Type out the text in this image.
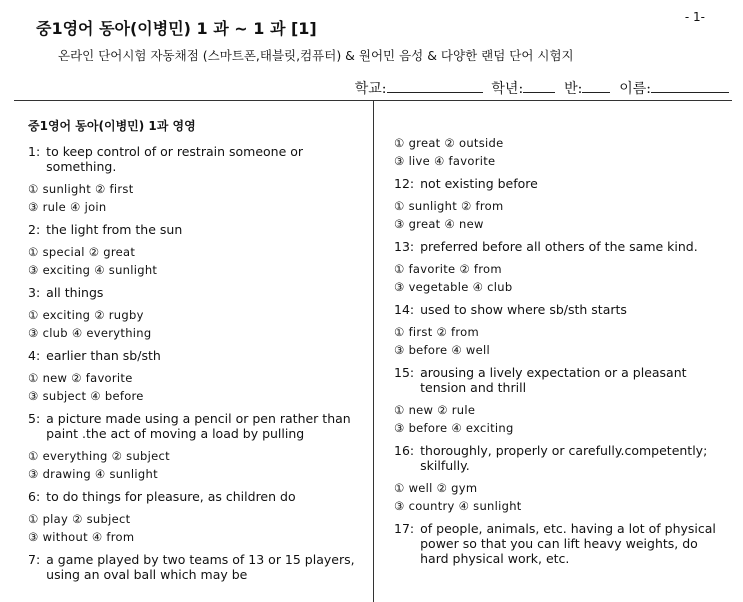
- 1-
중1영어 동아(이병민) 1 과 ~ 1 과 [1]
온라인 단어시험 자동채점 (스마트폰,태블릿,컴퓨터) & 원어민 음성 & 다양한 랜덤 단어 시험지
학교:	학년:	반:	이름:
중1영어 동아(이병민) 1과 영영
1: to keep control of or restrain someone or something.
① sunlight ② first
③ rule ④ join
2: the light from the sun
① special ② great
③ exciting ④ sunlight
3: all things
① exciting ② rugby
③ club ④ everything
4: earlier than sb/sth
① new ② favorite
③ subject ④ before
5: a picture made using a pencil or pen rather than paint .the act of moving a load by pulling
① everything ② subject
③ drawing ④ sunlight
6: to do things for pleasure, as children do
① play ② subject
③ without ④ from
7: a game played by two teams of 13 or 15 players, using an oval ball which may be
① great ② outside
③ live ④ favorite
12: not existing before
① sunlight ② from
③ great ④ new
13: preferred before all others of the same kind.
① favorite ② from
③ vegetable ④ club
14: used to show where sb/sth starts
① first ② from
③ before ④ well
15: arousing a lively expectation or a pleasant tension and thrill
① new ② rule
③ before ④ exciting
16: thoroughly, properly or carefully.competently; skilfully.
① well ② gym
③ country ④ sunlight
17: of people, animals, etc. having a lot of physical power so that you can lift heavy weights, do hard physical work, etc.
